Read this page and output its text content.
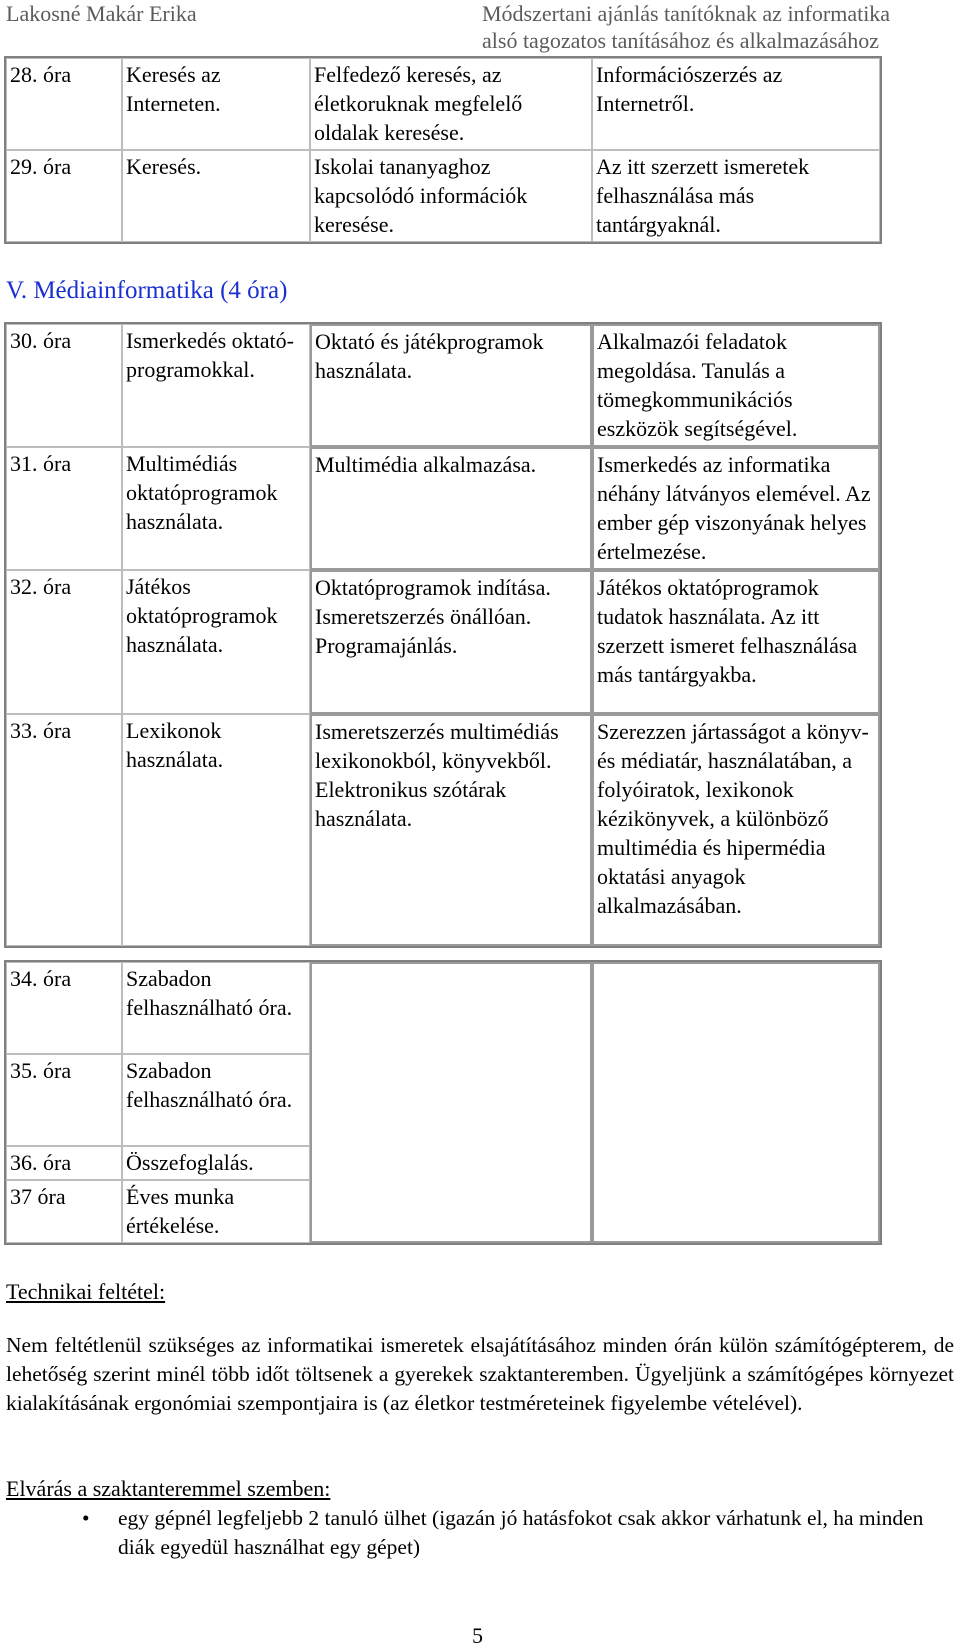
Lakosné Makár Erika	Módszertani ajánlás tanítóknak az informatika
alsó tagozatos tanításához és alkalmazásához
28. óra	Keresés az Interneten.	Felfedező keresés, az életkoruknak megfelelő oldalak keresése.	Információszerzés az Internetről.
29. óra	Keresés.	Iskolai tananyaghoz kapcsolódó információk keresése.	Az itt szerzett ismeretek felhasználása más tantárgyaknál.
V. Médiainformatika (4 óra)
30. óra	Ismerkedés oktató-programokkal.	Oktató és játékprogramok használata.	Alkalmazói feladatok megoldása. Tanulás a tömegkommunikációs eszközök segítségével.
31. óra	Multimédiás oktatóprogramok használata.	Multimédia alkalmazása.	Ismerkedés az informatika néhány látványos elemével. Az ember gép viszonyának helyes értelmezése.
32. óra	Játékos oktatóprogramok használata.	Oktatóprogramok indítása. Ismeretszerzés önállóan. Programajánlás.	Játékos oktatóprogramok tudatok használata. Az itt szerzett ismeret felhasználása más tantárgyakba.
33. óra	Lexikonok használata.	Ismeretszerzés multimédiás lexikonokból, könyvekből. Elektronikus szótárak használata.	Szerezzen jártasságot a könyv- és médiatár, használatában, a folyóiratok, lexikonok kézikönyvek, a különböző multimédia és hipermédia oktatási anyagok alkalmazásában.
34. óra	Szabadon felhasználható óra.		
35. óra	Szabadon felhasználható óra.		
36. óra	Összefoglalás.		
37 óra	Éves munka értékelése.		
Technikai feltétel:
Nem feltétlenül szükséges az informatikai ismeretek elsajátításához minden órán külön számítógépterem, de lehetőség szerint minél több időt töltsenek a gyerekek szaktanteremben. Ügyeljünk a számítógépes környezet kialakításának ergonómiai szempontjaira is (az életkor testméreteinek figyelembe vételével).
Elvárás a szaktanteremmel szemben:
• egy gépnél legfeljebb 2 tanuló ülhet (igazán jó hatásfokot csak akkor várhatunk el, ha minden diák egyedül használhat egy gépet)
5
